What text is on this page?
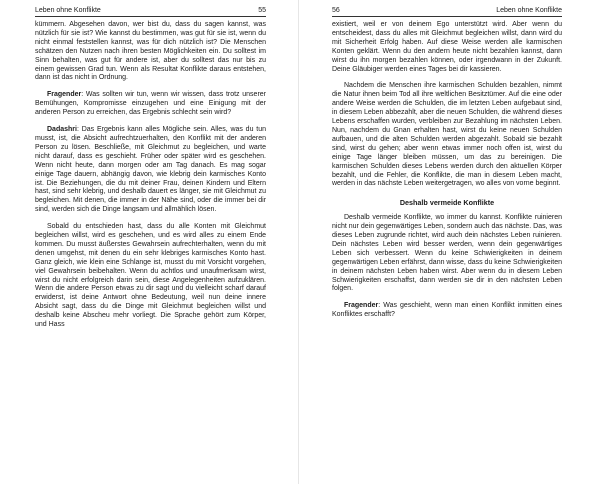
Leben ohne Konflikte	55

kümmern. Abgesehen davon, wer bist du, dass du sagen kannst, was nützlich für sie ist? Wie kannst du bestimmen, was gut für sie ist, wenn du nicht einmal feststellen kannst, was für dich nützlich ist? Die Menschen schätzen den Nutzen nach ihren besten Möglichkeiten ein. Du solltest im Sinn behalten, was gut für andere ist, aber du solltest das nur bis zu einem gewissen Grad tun. Wenn als Resultat Konflikte daraus entstehen, dann ist das nicht in Ordnung.

Fragender: Was sollten wir tun, wenn wir wissen, dass trotz unserer Bemühungen, Kompromisse einzugehen und eine Einigung mit der anderen Person zu erreichen, das Ergebnis schlecht sein wird?

Dadashri: Das Ergebnis kann alles Mögliche sein. Alles, was du tun musst, ist, die Absicht aufrechtzuerhalten, den Konflikt mit der anderen Person zu lösen. Beschließe, mit Gleichmut zu begleichen, und warte nicht darauf, dass es geschieht. Früher oder später wird es geschehen. Wenn nicht heute, dann morgen oder am Tag danach. Es mag sogar einige Tage dauern, abhängig davon, wie klebrig dein karmisches Konto ist. Die Beziehungen, die du mit deiner Frau, deinen Kindern und Eltern hast, sind sehr klebrig, und deshalb dauert es länger, sie mit Gleichmut zu begleichen. Mit denen, die immer in der Nähe sind, oder die immer bei dir sind, werden sich die Dinge langsam und allmählich lösen.

Sobald du entschieden hast, dass du alle Konten mit Gleichmut begleichen willst, wird es geschehen, und es wird alles zu einem Ende kommen. Du musst äußerstes Gewahrsein aufrechterhalten, wenn du mit denen umgehst, mit denen du ein sehr klebriges karmisches Konto hast. Ganz gleich, wie klein eine Schlange ist, musst du mit Vorsicht vorgehen, viel Gewahrsein beibehalten. Wenn du achtlos und unaufmerksam wirst, wirst du nicht erfolgreich darin sein, diese Angelegenheiten aufzuklären. Wenn die andere Person etwas zu dir sagt und du vielleicht scharf darauf erwiderst, ist deine Antwort ohne Bedeutung, weil nun deine innere Absicht sagt, dass du die Dinge mit Gleichmut begleichen willst und deshalb keine Abscheu mehr vorliegt. Die Sprache gehört zum Körper, und Hass

56	Leben ohne Konflikte

existiert, weil er von deinem Ego unterstützt wird. Aber wenn du entscheidest, dass du alles mit Gleichmut begleichen willst, dann wird du mit Sicherheit Erfolg haben. Auf diese Weise werden alle karmischen Konten geklärt. Wenn du den andern heute nicht bezahlen kannst, dann wirst du ihn morgen bezahlen können, oder irgendwann in der Zukunft. Deine Gläubiger werden eines Tages bei dir kassieren.

Nachdem die Menschen ihre karmischen Schulden bezahlen, nimmt die Natur ihnen beim Tod all ihre weltlichen Besitztümer. Auf die eine oder andere Weise werden die Schulden, die im letzten Leben aufgebaut sind, in diesem Leben abbezahlt, aber die neuen Schulden, die während dieses Lebens erschaffen wurden, verbleiben zur Bezahlung im nächsten Leben. Nun, nachdem du Gnan erhalten hast, wirst du keine neuen Schulden aufbauen, und die alten Schulden werden abgezahlt. Sobald sie bezahlt sind, wirst du gehen; aber wenn etwas immer noch offen ist, wirst du einige Tage länger bleiben müssen, um das zu bereinigen. Die karmischen Schulden dieses Lebens werden durch den aktuellen Körper bezahlt, und die Fehler, die Konflikte, die man in diesem Leben macht, werden in das nächste Leben weitergetragen, wo alles von vorne beginnt.

Deshalb vermeide Konflikte

Deshalb vermeide Konflikte, wo immer du kannst. Konflikte ruinieren nicht nur dein gegenwärtiges Leben, sondern auch das nächste. Das, was dieses Leben zugrunde richtet, wird auch dein nächstes Leben ruinieren. Dein nächstes Leben wird besser werden, wenn dein gegenwärtiges Leben sich verbessert. Wenn du keine Schwierigkeiten in deinem gegenwärtigen Leben erfährst, dann wisse, dass du keine Schwierigkeiten in deinem nächsten Leben haben wirst. Aber wenn du in diesem Leben Schwierigkeiten erschaffst, dann werden sie dir in den nächsten Leben folgen.

Fragender: Was geschieht, wenn man einen Konflikt inmitten eines Konfliktes erschafft?
